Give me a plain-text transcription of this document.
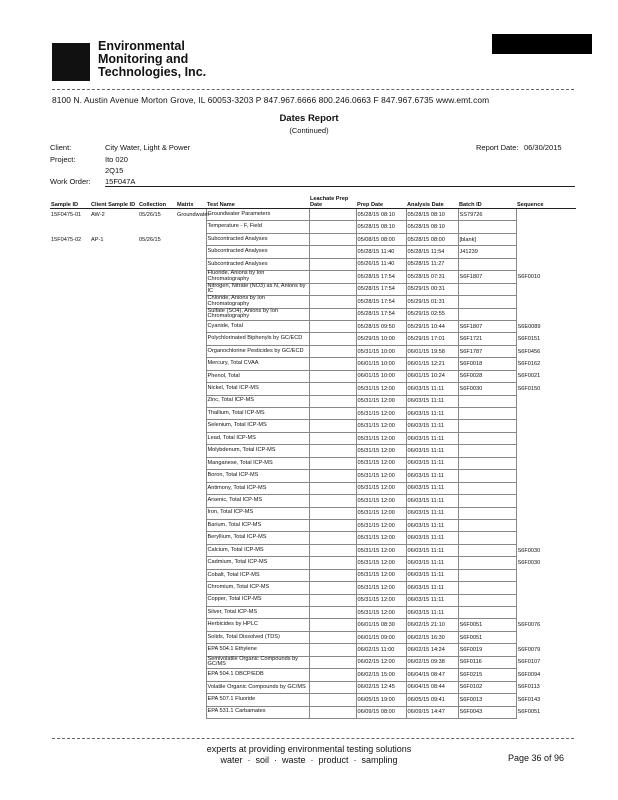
Environmental
Monitoring and
Technologies, Inc.
8100 N. Austin Avenue Morton Grove, IL 60053-3203 P 847.967.6666 800.246.0663 F 847.967.6735 www.emt.com
Dates Report
(Continued)
Client:	City Water, Light & Power
Project:	Ito 020
2Q15
Work Order: 15F047A
Report Date: 06/30/2015
Sample ID	Client Sample ID	Collection	Matrix	Test Name	Leachate Prep Date	Prep Date	Analysis Date	Batch ID	Sequence
15F0475-01	AW-2	05/26/15	Groundwater	Groundwater Parameters		05/28/15 08:10	05/28/15 08:10	SS79726	
				Temperature - F, Field		05/28/15 08:10	05/28/15 08:10		
15F0475-02	AP-1	05/26/15		Subcontracted Analyses		05/08/15 08:00	05/28/15 08:00	[blank]	
				Subcontracted Analyses		05/28/15 11:40	05/28/15 11:54	J41239	
				Subcontracted Analyses		05/26/15 11:40	05/28/15 11:27		
				Fluoride, Anions by Ion Chromatography		05/28/15 17:54	05/28/15 07:31	S6F1807	S6F0010
				Nitrogen, Nitrate (NO3) as N, Anions by IC		05/28/15 17:54	05/29/15 00:31		
				Chloride, Anions by Ion Chromatography		05/28/15 17:54	05/29/15 01:31		
				Sulfate (SO4), Anions by Ion Chromatography		05/28/15 17:54	05/29/15 02:55		
				Cyanide, Total		05/28/15 09:50	05/29/15 10:44	S6F1807	S6E0089
				Polychlorinated Biphenyls by GC/ECD		05/29/15 10:00	05/29/15 17:01	S6F1721	S6F0151
				Organochlorine Pesticides by GC/ECD		05/31/15 10:00	06/01/15 19:58	S6F1787	S6F0456
				Mercury, Total CVAA		06/01/15 10:00	06/01/15 12:21	S6F0018	S6F0162
				Phenol, Total		06/01/15 10:00	06/01/15 10:24	S6F0028	S6F0021
				Nickel, Total ICP-MS		05/31/15 12:00	06/03/15 11:11	S6F0030	S6F0150
				Zinc, Total ICP-MS		05/31/15 12:00	06/03/15 11:11		
				Thallium, Total ICP-MS		05/31/15 12:00	06/03/15 11:11		
				Selenium, Total ICP-MS		05/31/15 12:00	06/03/15 11:11		
				Lead, Total ICP-MS		05/31/15 12:00	06/03/15 11:11		
				Molybdenum, Total ICP-MS		05/31/15 12:00	06/03/15 11:11		
				Manganese, Total ICP-MS		05/31/15 12:00	06/03/15 11:11		
				Boron, Total ICP-MS		05/31/15 12:00	06/03/15 11:11		
				Antimony, Total ICP-MS		05/31/15 12:00	06/03/15 11:11		
				Arsenic, Total ICP-MS		05/31/15 12:00	06/03/15 11:11		
				Iron, Total ICP-MS		05/31/15 12:00	06/03/15 11:11		
				Barium, Total ICP-MS		05/31/15 12:00	06/03/15 11:11		
				Beryllium, Total ICP-MS		05/31/15 12:00	06/03/15 11:11		
				Calcium, Total ICP-MS		05/31/15 12:00	06/03/15 11:11		S6F0030
				Cadmium, Total ICP-MS		05/31/15 12:00	06/03/15 11:11		S6F0030
				Cobalt, Total ICP-MS		05/31/15 12:00	06/03/15 11:11		
				Chromium, Total ICP-MS		05/31/15 12:00	06/03/15 11:11		
				Copper, Total ICP-MS		05/31/15 12:00	06/03/15 11:11		
				Silver, Total ICP-MS		05/31/15 12:00	06/03/15 11:11		
				Herbicides by HPLC		06/01/15 08:30	06/02/15 21:10	S6F0051	S6F0076
				Solids, Total Dissolved (TDS)		06/01/15 09:00	06/02/15 16:30	S6F0051	
				EPA 504.1 Ethylene		06/02/15 11:00	06/02/15 14:24	S6F0019	S6F0079
				Semivolatile Organic Compounds by GC/MS		06/02/15 12:00	06/02/15 09:38	S6F0116	S6F0107
				EPA 504.1 DBCP/EDB		06/02/15 15:00	06/04/15 08:47	S6F0215	S6F0094
				Volatile Organic Compounds by GC/MS		06/02/15 12:45	06/04/15 08:44	S6F0102	S6F0113
				EPA 507.1 Fluoride		06/05/15 19:00	06/05/15 09:41	S6F0013	S6F0143
				EPA 531.1 Carbamates		06/09/15 08:00	06/09/15 14:47	S6F0043	S6F0051
experts at providing environmental testing solutions
water  ·  soil  ·  waste  ·  product  ·  sampling	Page 36 of 96
